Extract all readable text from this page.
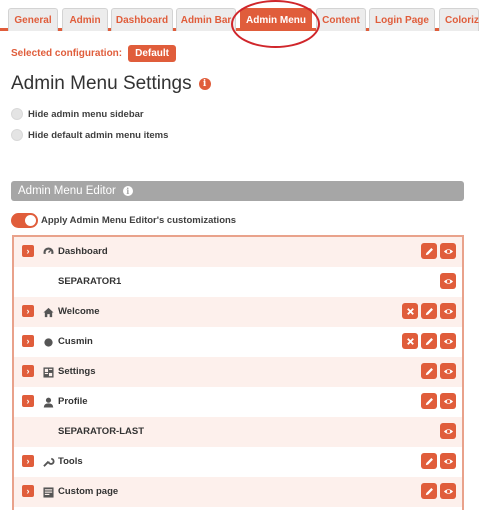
General Admin Dashboard Admin Bar Admin Menu Content Login Page Coloriz
Selected configuration:	Default
Admin Menu Settings	i
Hide admin menu sidebar
Hide default admin menu items
Admin Menu Editor	i
Apply Admin Menu Editor's customizations
›	Dashboard
SEPARATOR1
›	Welcome
›	Cusmin
›	Settings
›	Profile
SEPARATOR-LAST
›	Tools
›	Custom page
